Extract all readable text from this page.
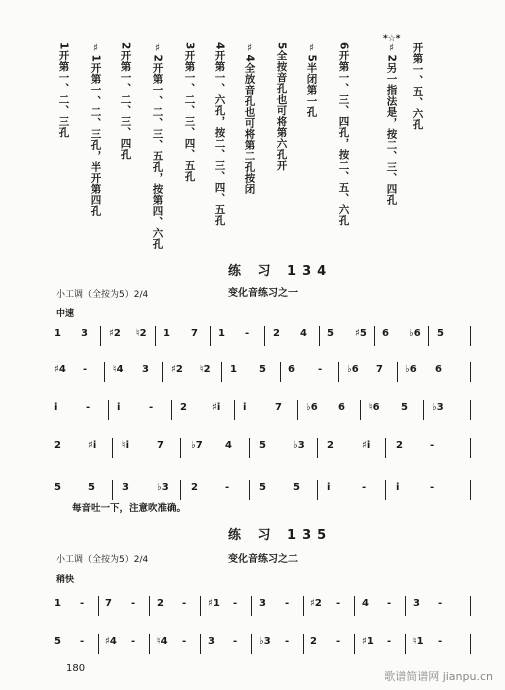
开第一、五、六孔
♯2另一指法是，按二、三、四孔
6开第一、三、四孔，按二、五、六孔
♯5半闭第一孔
5全按音孔也可将第六孔开
♯4全放音孔也可将第二孔按闭
4开第一、六孔，按二、三、四、五孔
3开第一、二、三、四、五孔
♯2开第一、二、三、五孔，按第四、六孔
2开第一、二、三、四孔
♯1开第一、二、三孔，半开第四孔
1开第一、二、三孔
*☆*
练 习 134
小工调（全按为5）2/4	变化音练习之一
中速
1 3 ♯2 ♮2 1 7 1 - 2 4 5 ♯5 6 ♭6 5
♯4 -	♮4 3 ♯2 ♮2 1 5 6 - ♭6 7 ♭6 6
i	-	i	-	2	♯i i	7 ♭6 6 ♮6 5 ♭3
2	♯i	♮i	7	♭7 4	5	♭3 2	♯i	2	-
5	5	3	♭3 2	-	5	5	i	-	i	-
每音吐一下，注意吹准确。
练 习 135
小工调（全按为5）2/4	变化音练习之二
稍快
1 - 7 - 2 - ♯1 - 3 - ♯2 - 4 - 3 -
5 - ♯4 - ♮4 - 3 - ♭3 - 2 - ♯1 - ♮1 -
180
歌谱简谱网 jianpu.cn
